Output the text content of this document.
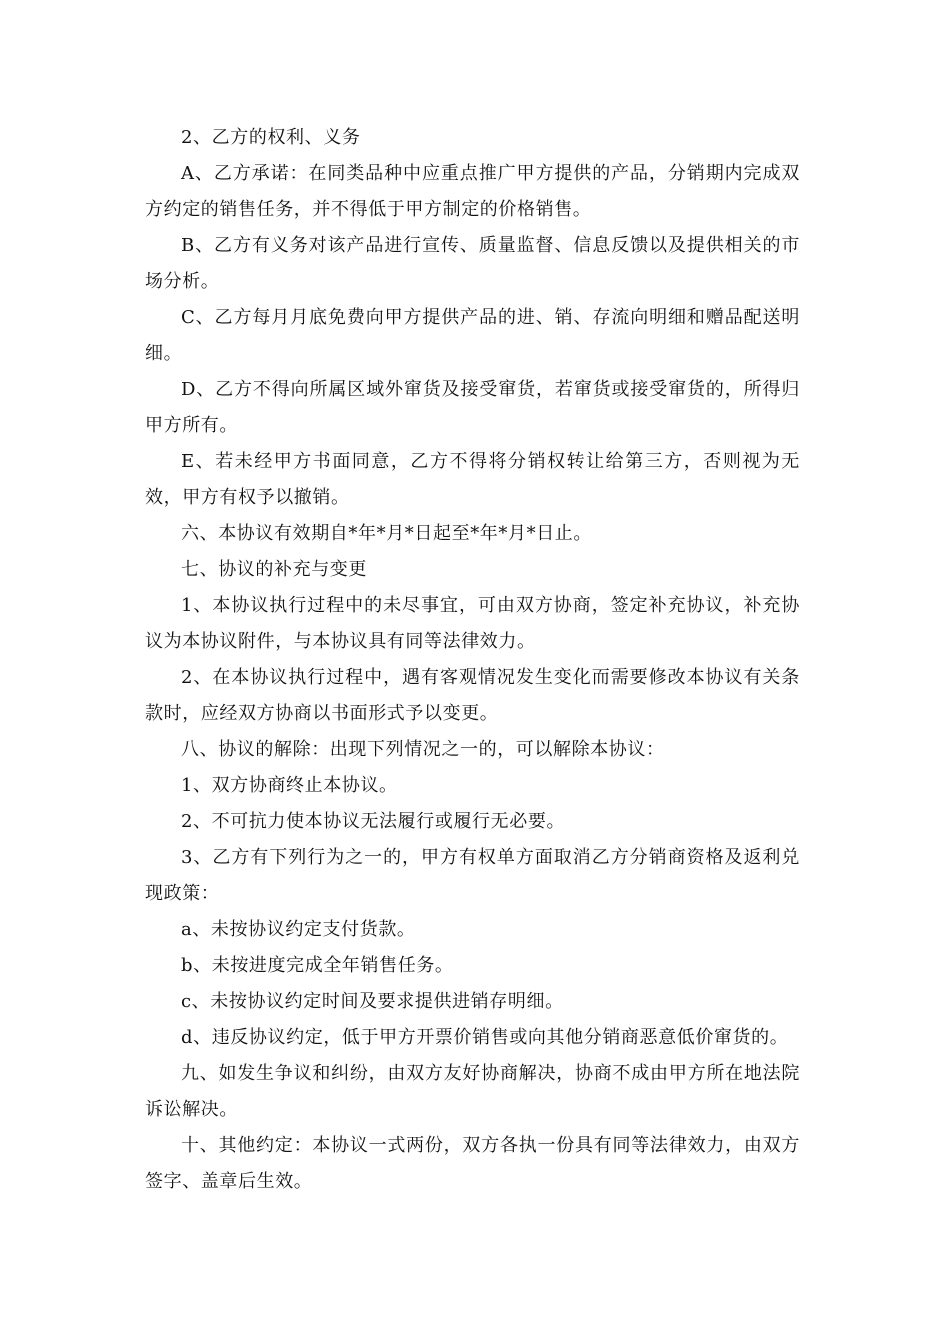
2、乙方的权利、义务

A、乙方承诺：在同类品种中应重点推广甲方提供的产品，分销期内完成双方约定的销售任务，并不得低于甲方制定的价格销售。

B、乙方有义务对该产品进行宣传、质量监督、信息反馈以及提供相关的市场分析。

C、乙方每月月底免费向甲方提供产品的进、销、存流向明细和赠品配送明细。

D、乙方不得向所属区域外窜货及接受窜货，若窜货或接受窜货的，所得归甲方所有。

E、若未经甲方书面同意，乙方不得将分销权转让给第三方，否则视为无效，甲方有权予以撤销。

六、本协议有效期自*年*月*日起至*年*月*日止。

七、协议的补充与变更

1、本协议执行过程中的未尽事宜，可由双方协商，签定补充协议，补充协议为本协议附件，与本协议具有同等法律效力。

2、在本协议执行过程中，遇有客观情况发生变化而需要修改本协议有关条款时，应经双方协商以书面形式予以变更。

八、协议的解除：出现下列情况之一的，可以解除本协议：

1、双方协商终止本协议。

2、不可抗力使本协议无法履行或履行无必要。

3、乙方有下列行为之一的，甲方有权单方面取消乙方分销商资格及返利兑现政策：

a、未按协议约定支付货款。

b、未按进度完成全年销售任务。

c、未按协议约定时间及要求提供进销存明细。

d、违反协议约定，低于甲方开票价销售或向其他分销商恶意低价窜货的。

九、如发生争议和纠纷，由双方友好协商解决，协商不成由甲方所在地法院诉讼解决。

十、其他约定：本协议一式两份，双方各执一份具有同等法律效力，由双方签字、盖章后生效。
